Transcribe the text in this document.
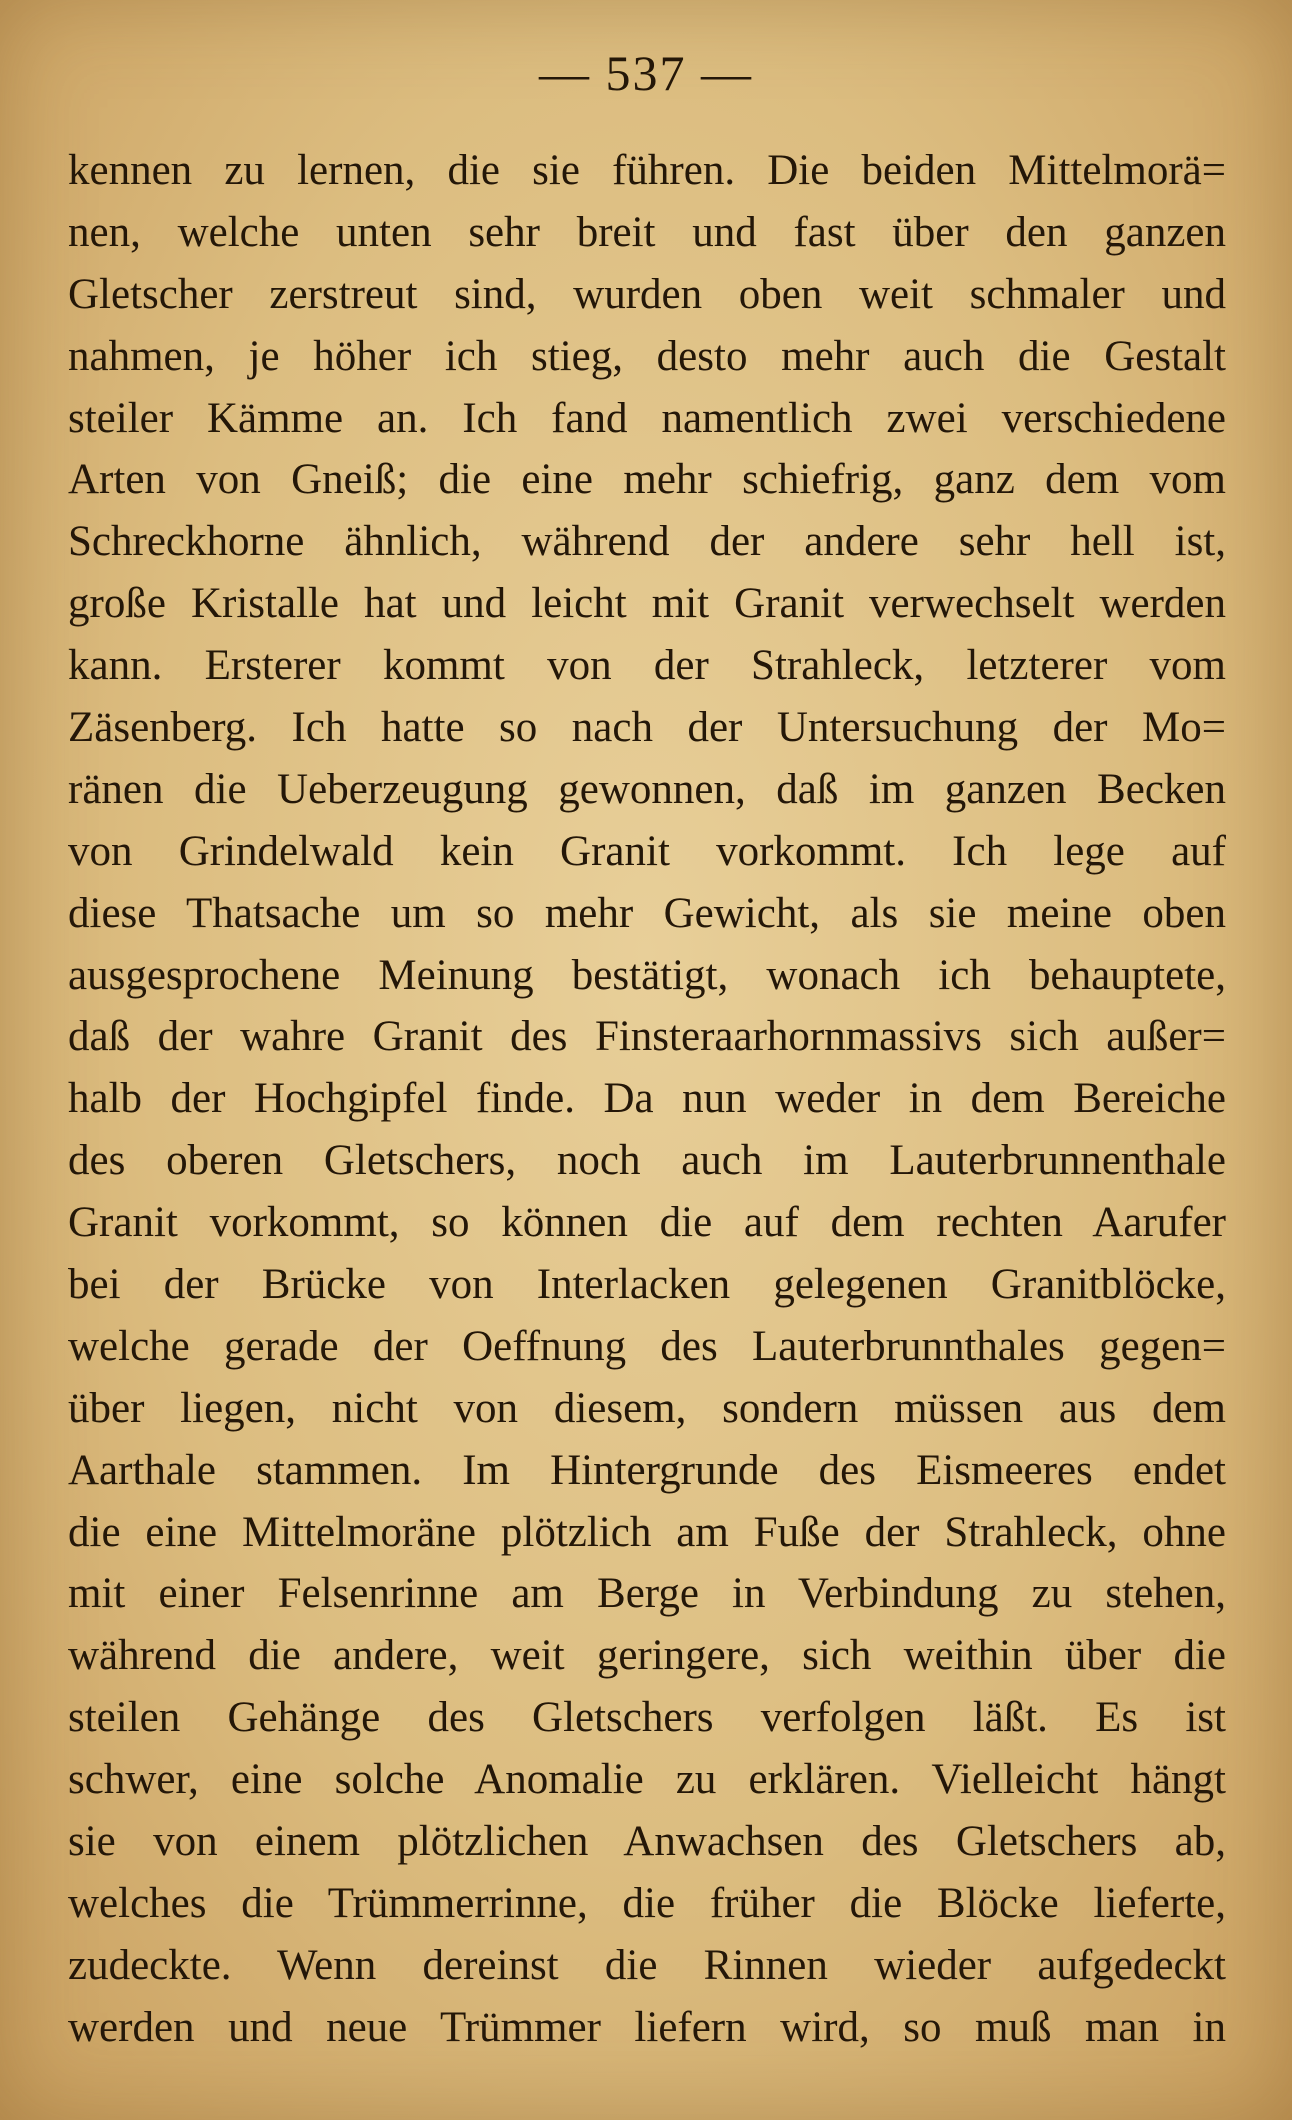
— 537 —
kennen zu lernen, die sie führen. Die beiden Mittelmorä=
nen, welche unten sehr breit und fast über den ganzen
Gletscher zerstreut sind, wurden oben weit schmaler und
nahmen, je höher ich stieg, desto mehr auch die Gestalt
steiler Kämme an. Ich fand namentlich zwei verschiedene
Arten von Gneiß; die eine mehr schiefrig, ganz dem vom
Schreckhorne ähnlich, während der andere sehr hell ist,
große Kristalle hat und leicht mit Granit verwechselt werden
kann. Ersterer kommt von der Strahleck, letzterer vom
Zäsenberg. Ich hatte so nach der Untersuchung der Mo=
ränen die Ueberzeugung gewonnen, daß im ganzen Becken
von Grindelwald kein Granit vorkommt. Ich lege auf
diese Thatsache um so mehr Gewicht, als sie meine oben
ausgesprochene Meinung bestätigt, wonach ich behauptete,
daß der wahre Granit des Finsteraarhornmassivs sich außer=
halb der Hochgipfel finde. Da nun weder in dem Bereiche
des oberen Gletschers, noch auch im Lauterbrunnenthale
Granit vorkommt, so können die auf dem rechten Aarufer
bei der Brücke von Interlacken gelegenen Granitblöcke,
welche gerade der Oeffnung des Lauterbrunnthales gegen=
über liegen, nicht von diesem, sondern müssen aus dem
Aarthale stammen. Im Hintergrunde des Eismeeres endet
die eine Mittelmoräne plötzlich am Fuße der Strahleck, ohne
mit einer Felsenrinne am Berge in Verbindung zu stehen,
während die andere, weit geringere, sich weithin über die
steilen Gehänge des Gletschers verfolgen läßt. Es ist
schwer, eine solche Anomalie zu erklären. Vielleicht hängt
sie von einem plötzlichen Anwachsen des Gletschers ab,
welches die Trümmerrinne, die früher die Blöcke lieferte,
zudeckte. Wenn dereinst die Rinnen wieder aufgedeckt
werden und neue Trümmer liefern wird, so muß man in
